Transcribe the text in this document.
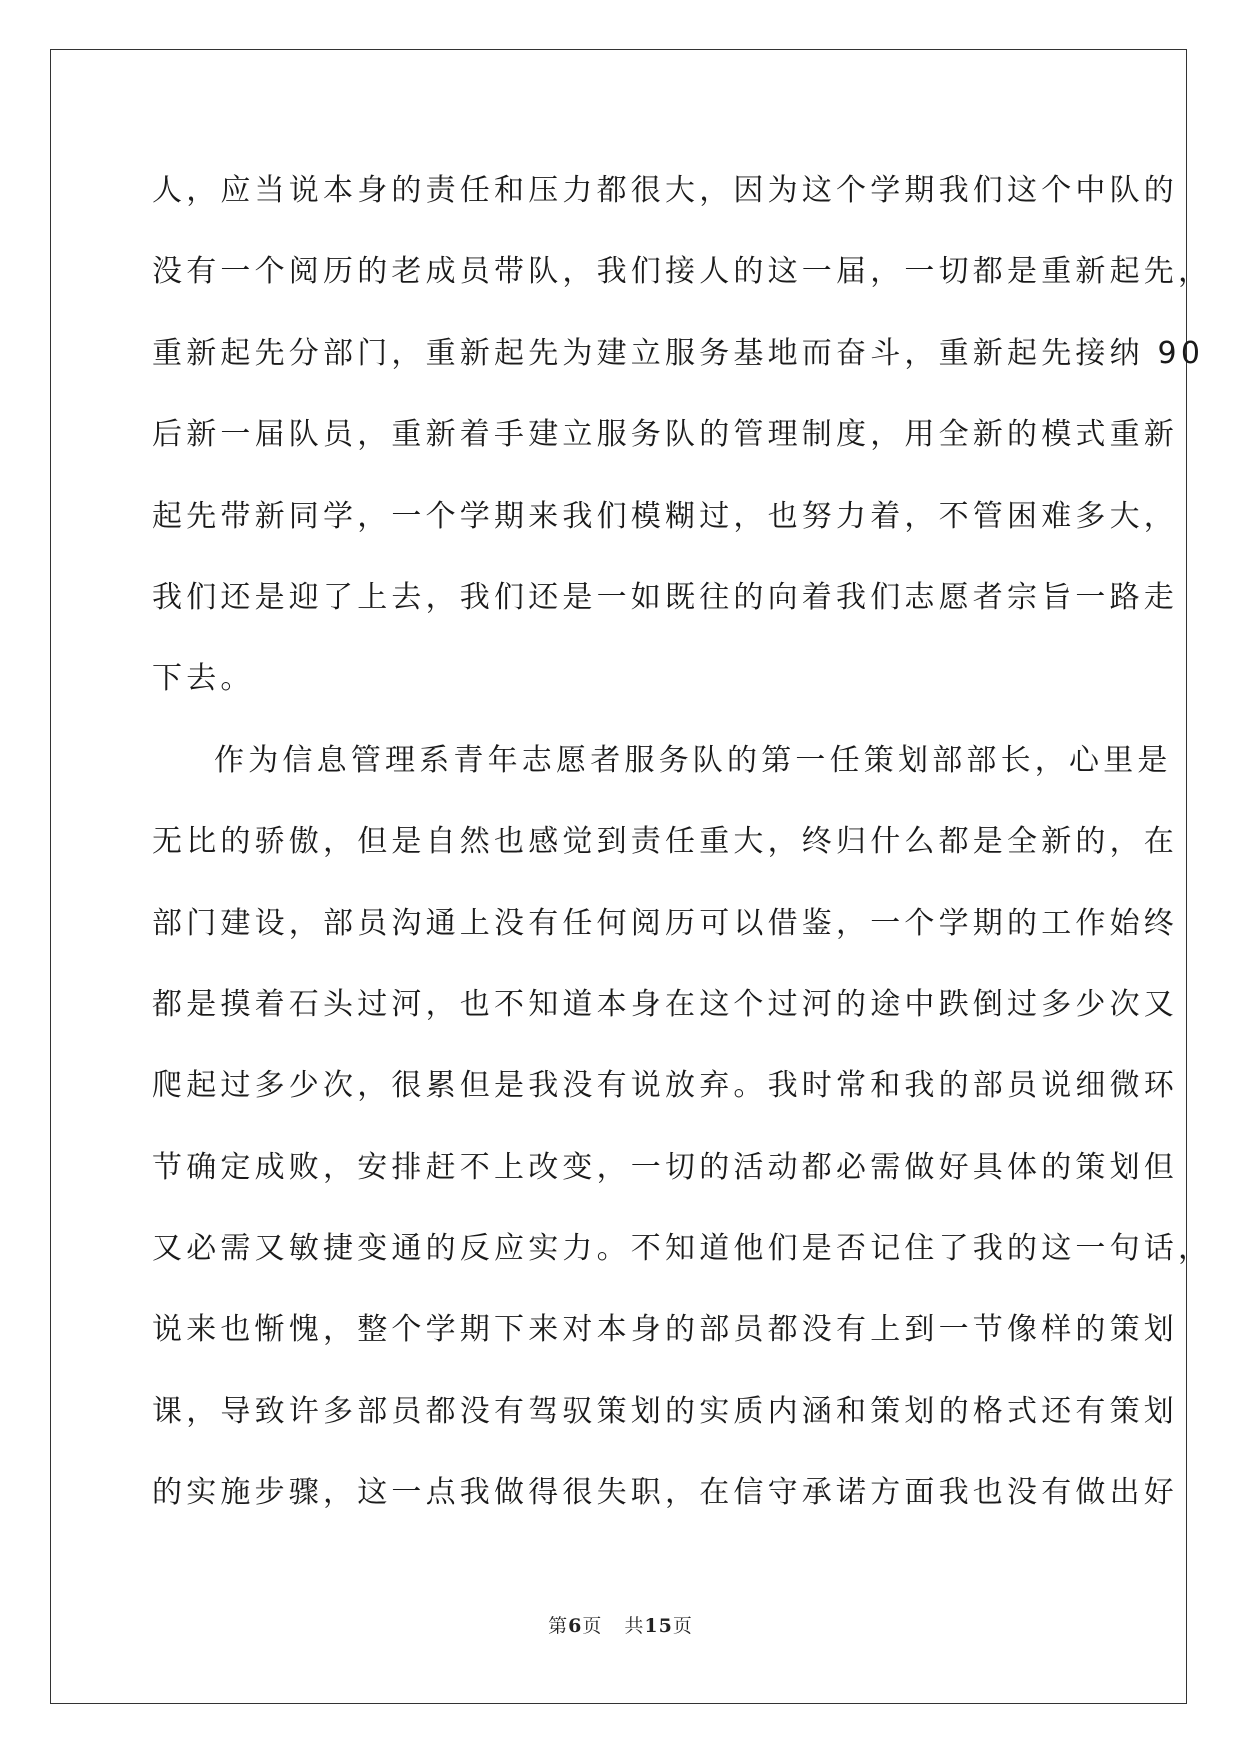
人，应当说本身的责任和压力都很大，因为这个学期我们这个中队的
没有一个阅历的老成员带队，我们接人的这一届，一切都是重新起先，
重新起先分部门，重新起先为建立服务基地而奋斗，重新起先接纳 90
后新一届队员，重新着手建立服务队的管理制度，用全新的模式重新
起先带新同学，一个学期来我们模糊过，也努力着，不管困难多大，
我们还是迎了上去，我们还是一如既往的向着我们志愿者宗旨一路走
下去。
作为信息管理系青年志愿者服务队的第一任策划部部长，心里是
无比的骄傲，但是自然也感觉到责任重大，终归什么都是全新的，在
部门建设，部员沟通上没有任何阅历可以借鉴，一个学期的工作始终
都是摸着石头过河，也不知道本身在这个过河的途中跌倒过多少次又
爬起过多少次，很累但是我没有说放弃。我时常和我的部员说细微环
节确定成败，安排赶不上改变，一切的活动都必需做好具体的策划但
又必需又敏捷变通的反应实力。不知道他们是否记住了我的这一句话，
说来也惭愧，整个学期下来对本身的部员都没有上到一节像样的策划
课，导致许多部员都没有驾驭策划的实质内涵和策划的格式还有策划
的实施步骤，这一点我做得很失职，在信守承诺方面我也没有做出好
第6页 共15页
